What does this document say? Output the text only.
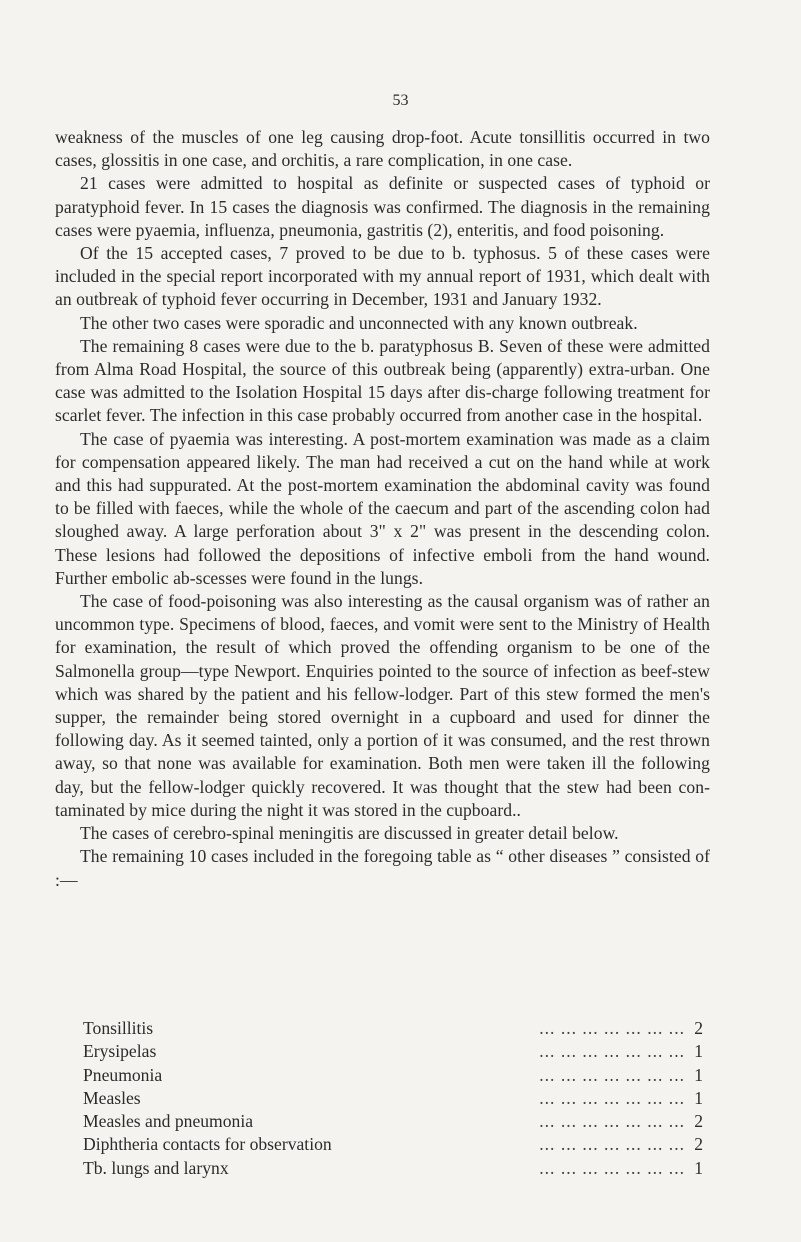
53

weakness of the muscles of one leg causing drop-foot. Acute tonsillitis occurred in two cases, glossitis in one case, and orchitis, a rare complication, in one case.

21 cases were admitted to hospital as definite or suspected cases of typhoid or paratyphoid fever. In 15 cases the diagnosis was confirmed. The diagnosis in the remaining cases were pyaemia, influenza, pneumonia, gastritis (2), enteritis, and food poisoning.

Of the 15 accepted cases, 7 proved to be due to b. typhosus. 5 of these cases were included in the special report incorporated with my annual report of 1931, which dealt with an outbreak of typhoid fever occurring in December, 1931 and January 1932.

The other two cases were sporadic and unconnected with any known outbreak.

The remaining 8 cases were due to the b. paratyphosus B. Seven of these were admitted from Alma Road Hospital, the source of this outbreak being (apparently) extra-urban. One case was admitted to the Isolation Hospital 15 days after dis-charge following treatment for scarlet fever. The infection in this case probably occurred from another case in the hospital.

The case of pyaemia was interesting. A post-mortem examination was made as a claim for compensation appeared likely. The man had received a cut on the hand while at work and this had suppurated. At the post-mortem examination the abdominal cavity was found to be filled with faeces, while the whole of the caecum and part of the ascending colon had sloughed away. A large perforation about 3" x 2" was present in the descending colon. These lesions had followed the depositions of infective emboli from the hand wound. Further embolic ab-scesses were found in the lungs.

The case of food-poisoning was also interesting as the causal organism was of rather an uncommon type. Specimens of blood, faeces, and vomit were sent to the Ministry of Health for examination, the result of which proved the offending organism to be one of the Salmonella group—type Newport. Enquiries pointed to the source of infection as beef-stew which was shared by the patient and his fellow-lodger. Part of this stew formed the men's supper, the remainder being stored overnight in a cupboard and used for dinner the following day. As it seemed tainted, only a portion of it was consumed, and the rest thrown away, so that none was available for examination. Both men were taken ill the following day, but the fellow-lodger quickly recovered. It was thought that the stew had been con-taminated by mice during the night it was stored in the cupboard..

The cases of cerebro-spinal meningitis are discussed in greater detail below.

The remaining 10 cases included in the foregoing table as “ other diseases ” consisted of :—

Tonsillitis	... ... ... ... ... ... ... 2
Erysipelas	... ... ... ... ... ... ... 1
Pneumonia	... ... ... ... ... ... ... 1
Measles	... ... ... ... ... ... ... 1
Measles and pneumonia	... ... ... ... ... ... ... 2
Diphtheria contacts for observation	... ... ... ... ... ... ... 2
Tb. lungs and larynx	... ... ... ... ... ... ... 1
